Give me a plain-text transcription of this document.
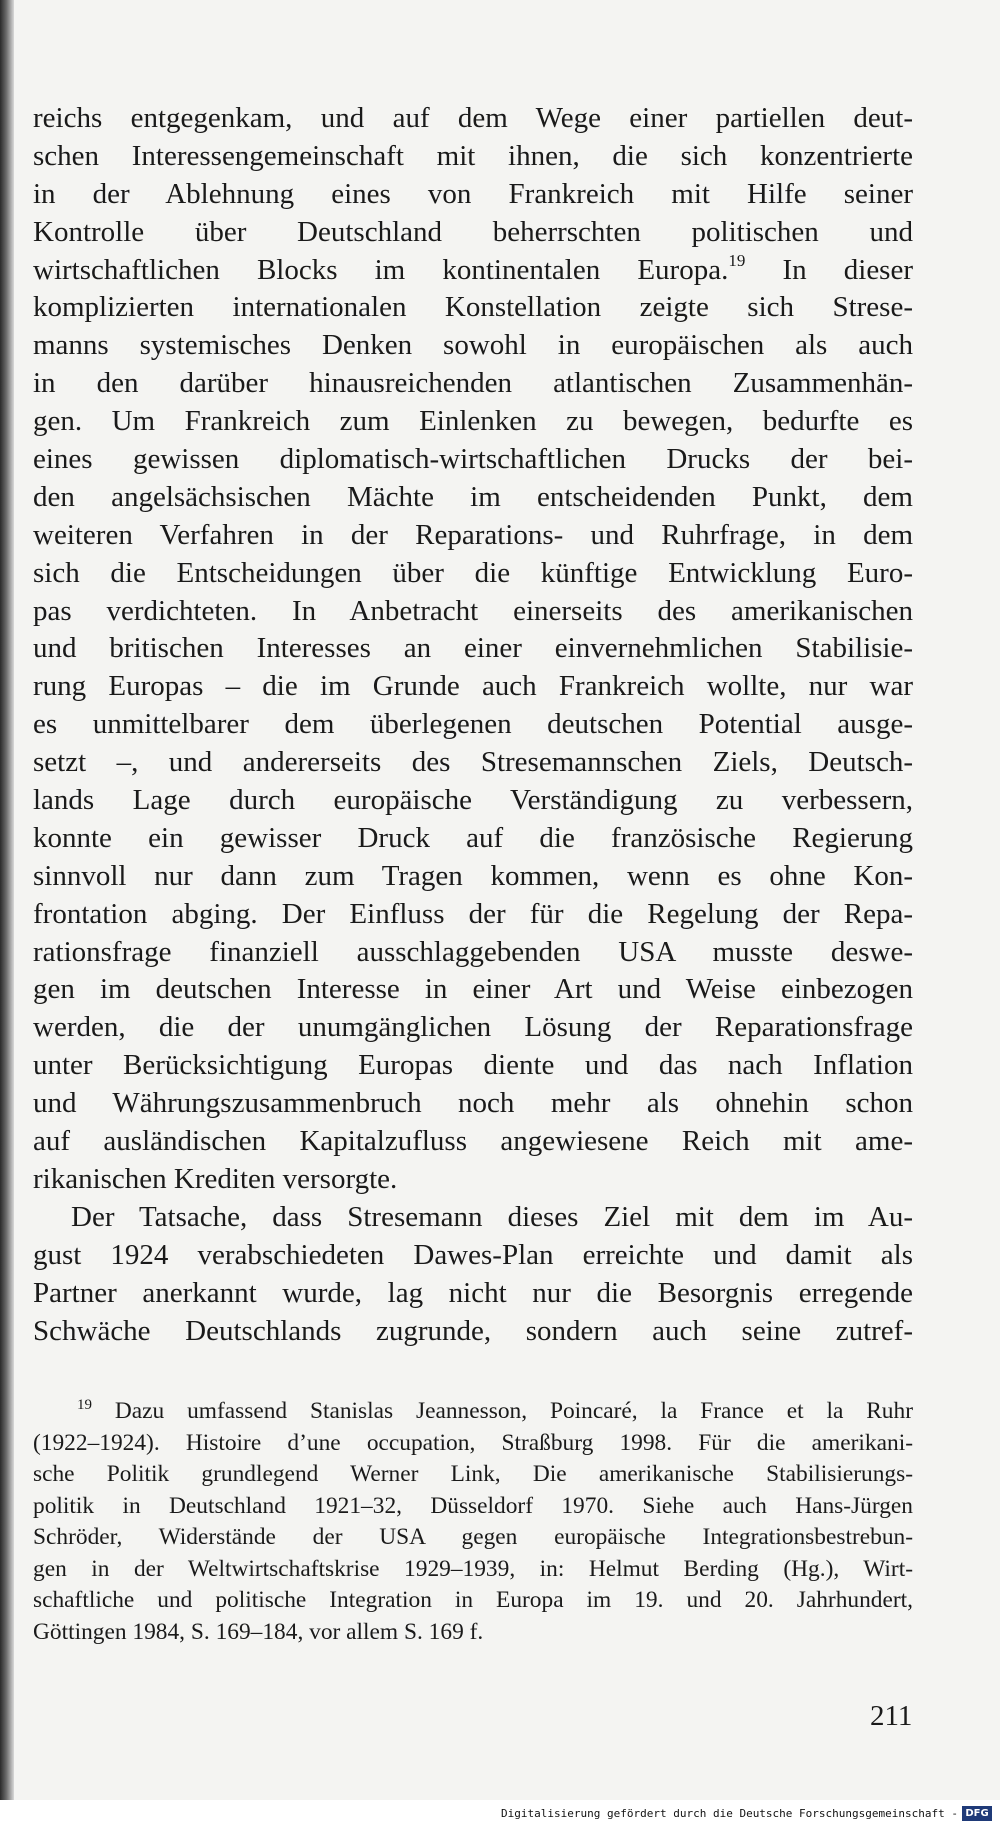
reichs entgegenkam, und auf dem Wege einer partiellen deut-
schen Interessengemeinschaft mit ihnen, die sich konzentrierte
in der Ablehnung eines von Frankreich mit Hilfe seiner
Kontrolle über Deutschland beherrschten politischen und
wirtschaftlichen Blocks im kontinentalen Europa.$^{19}$ In dieser
komplizierten internationalen Konstellation zeigte sich Strese-
manns systemisches Denken sowohl in europäischen als auch
in den darüber hinausreichenden atlantischen Zusammenhän-
gen. Um Frankreich zum Einlenken zu bewegen, bedurfte es
eines gewissen diplomatisch-wirtschaftlichen Drucks der bei-
den angelsächsischen Mächte im entscheidenden Punkt, dem
weiteren Verfahren in der Reparations- und Ruhrfrage, in dem
sich die Entscheidungen über die künftige Entwicklung Euro-
pas verdichteten. In Anbetracht einerseits des amerikanischen
und britischen Interesses an einer einvernehmlichen Stabilisie-
rung Europas – die im Grunde auch Frankreich wollte, nur war
es unmittelbarer dem überlegenen deutschen Potential ausge-
setzt –, und andererseits des Stresemannschen Ziels, Deutsch-
lands Lage durch europäische Verständigung zu verbessern,
konnte ein gewisser Druck auf die französische Regierung
sinnvoll nur dann zum Tragen kommen, wenn es ohne Kon-
frontation abging. Der Einfluss der für die Regelung der Repa-
rationsfrage finanziell ausschlaggebenden USA musste deswe-
gen im deutschen Interesse in einer Art und Weise einbezogen
werden, die der unumgänglichen Lösung der Reparationsfrage
unter Berücksichtigung Europas diente und das nach Inflation
und Währungszusammenbruch noch mehr als ohnehin schon
auf ausländischen Kapitalzufluss angewiesene Reich mit ame-
rikanischen Krediten versorgte.
Der Tatsache, dass Stresemann dieses Ziel mit dem im Au-
gust 1924 verabschiedeten Dawes-Plan erreichte und damit als
Partner anerkannt wurde, lag nicht nur die Besorgnis erregende
Schwäche Deutschlands zugrunde, sondern auch seine zutref-
$^{19}$ Dazu umfassend Stanislas Jeannesson, Poincaré, la France et la Ruhr
(1922–1924). Histoire d’une occupation, Straßburg 1998. Für die amerikani-
sche Politik grundlegend Werner Link, Die amerikanische Stabilisierungs-
politik in Deutschland 1921–32, Düsseldorf 1970. Siehe auch Hans-Jürgen
Schröder, Widerstände der USA gegen europäische Integrationsbestrebun-
gen in der Weltwirtschaftskrise 1929–1939, in: Helmut Berding (Hg.), Wirt-
schaftliche und politische Integration in Europa im 19. und 20. Jahrhundert,
Göttingen 1984, S. 169–184, vor allem S. 169 f.
211
Digitalisierung gefördert durch die Deutsche Forschungsgemeinschaft - DFG
